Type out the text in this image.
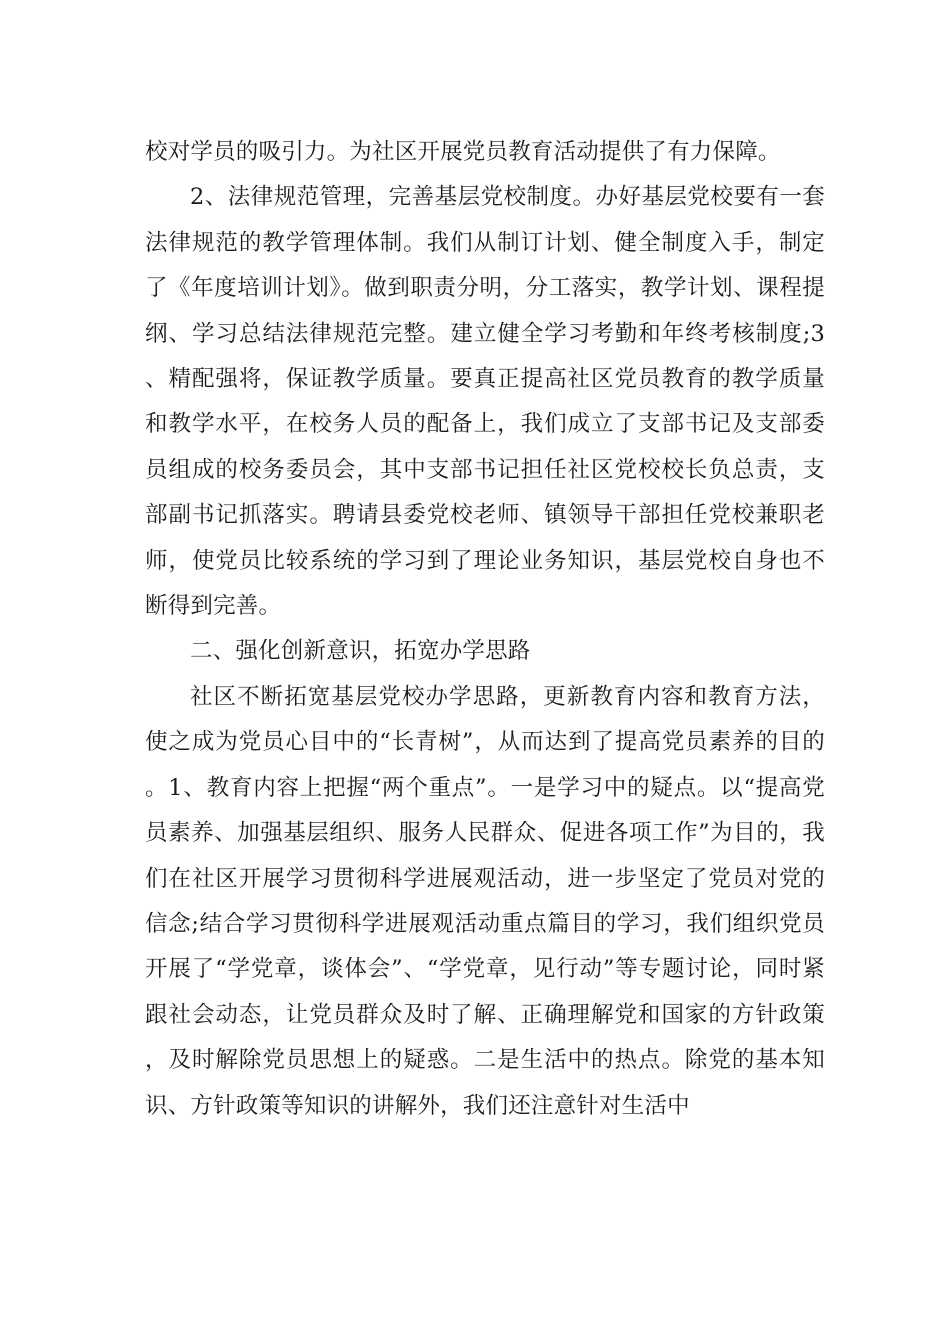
校对学员的吸引力。为社区开展党员教育活动提供了有力保障。

2、法律规范管理，完善基层党校制度。办好基层党校要有一套法律规范的教学管理体制。我们从制订计划、健全制度入手，制定了《年度培训计划》。做到职责分明，分工落实，教学计划、课程提纲、学习总结法律规范完整。建立健全学习考勤和年终考核制度;3、精配强将，保证教学质量。要真正提高社区党员教育的教学质量和教学水平，在校务人员的配备上，我们成立了支部书记及支部委员组成的校务委员会，其中支部书记担任社区党校校长负总责，支部副书记抓落实。聘请县委党校老师、镇领导干部担任党校兼职老师，使党员比较系统的学习到了理论业务知识，基层党校自身也不断得到完善。

二、强化创新意识，拓宽办学思路

社区不断拓宽基层党校办学思路，更新教育内容和教育方法，使之成为党员心目中的“长青树”，从而达到了提高党员素养的目的。1、教育内容上把握“两个重点”。一是学习中的疑点。以“提高党员素养、加强基层组织、服务人民群众、促进各项工作”为目的，我们在社区开展学习贯彻科学进展观活动，进一步坚定了党员对党的信念;结合学习贯彻科学进展观活动重点篇目的学习，我们组织党员开展了“学党章，谈体会”、“学党章，见行动”等专题讨论，同时紧跟社会动态，让党员群众及时了解、正确理解党和国家的方针政策，及时解除党员思想上的疑惑。二是生活中的热点。除党的基本知识、方针政策等知识的讲解外，我们还注意针对生活中
